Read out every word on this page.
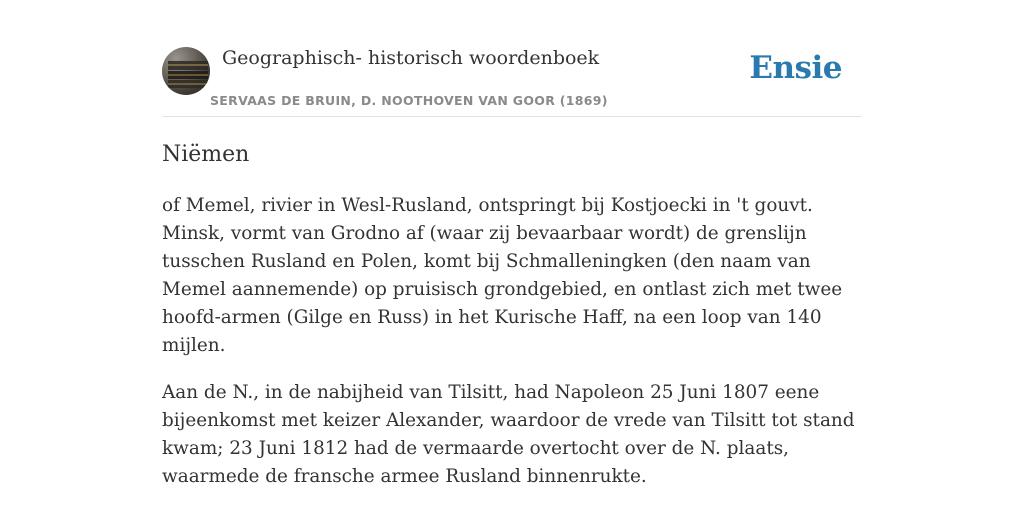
Geographisch- historisch woordenboek
SERVAAS DE BRUIN, D. NOOTHOVEN VAN GOOR (1869)
Ensie
Niëmen

of Memel, rivier in Wesl-Rusland, ontspringt bij Kostjoecki in 't gouvt. Minsk, vormt van Grodno af (waar zij bevaarbaar wordt) de grenslijn tusschen Rusland en Polen, komt bij Schmalleningken (den naam van Memel aannemende) op pruisisch grondgebied, en ontlast zich met twee hoofd-armen (Gilge en Russ) in het Kurische Haff, na een loop van 140 mijlen.

Aan de N., in de nabijheid van Tilsitt, had Napoleon 25 Juni 1807 eene bijeenkomst met keizer Alexander, waardoor de vrede van Tilsitt tot stand kwam; 23 Juni 1812 had de vermaarde overtocht over de N. plaats, waarmede de fransche armee Rusland binnenrukte.
